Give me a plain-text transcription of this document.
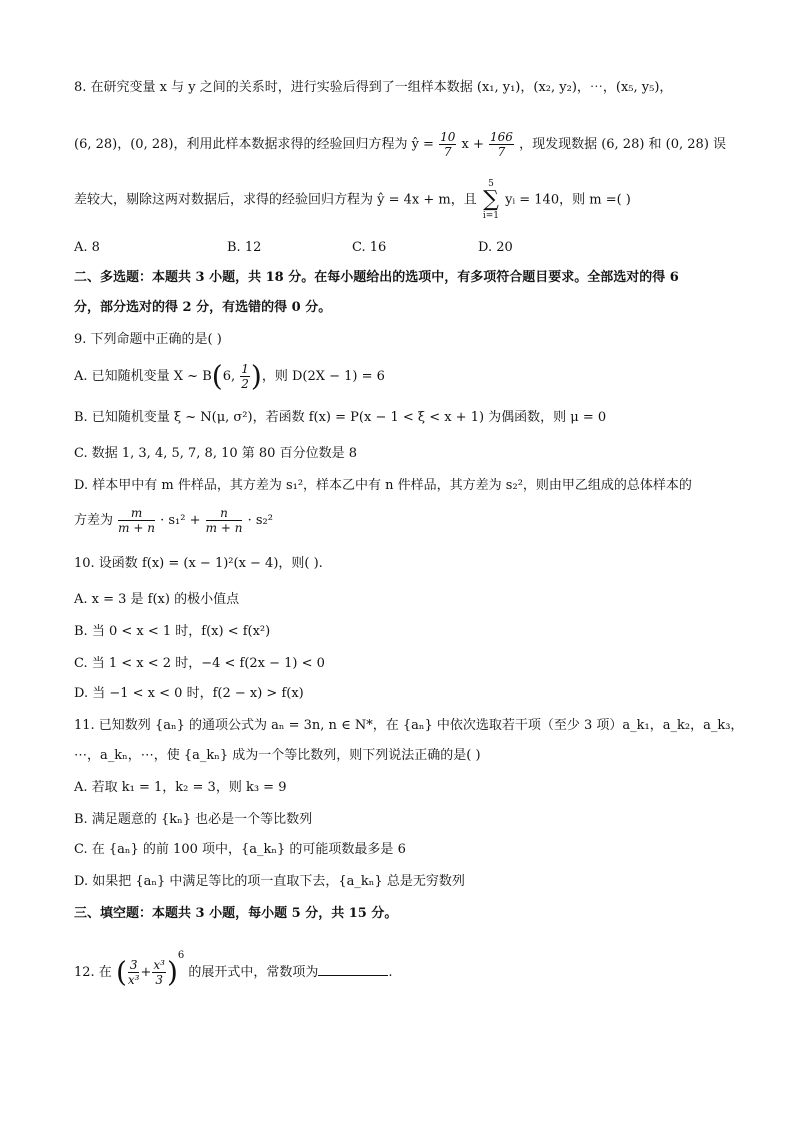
8. 在研究变量 x 与 y 之间的关系时，进行实验后得到了一组样本数据 (x₁, y₁)，(x₂, y₂)，⋯，(x₅, y₅)，
(6, 28)，(0, 28)，利用此样本数据求得的经验回归方程为 ŷ = $\frac{10}{7}$ $x + \frac{166}{7}$ ，现发现数据 (6, 28) 和 (0, 28) 误
差较大，剔除这两对数据后，求得的经验回归方程为 ŷ = 4x + m，且 5
∑
i=1 yᵢ = 140，则 m =( )
A. 8	B. 12	C. 16	D. 20
二、多选题：本题共 3 小题，共 18 分。在每小题给出的选项中，有多项符合题目要求。全部选对的得 6
分，部分选对的得 2 分，有选错的得 0 分。
9. 下列命题中正确的是( )
A. 已知随机变量 X ~ B(6, $\frac{1}{2}$ )，则 D(2X − 1) = 6
B. 已知随机变量 ξ ~ N(μ, σ²)，若函数 f(x) = P(x − 1 < ξ < x + 1) 为偶函数，则 μ = 0
C. 数据 1, 3, 4, 5, 7, 8, 10 第 80 百分位数是 8
D. 样本甲中有 m 件样品，其方差为 s₁²，样本乙中有 n 件样品，其方差为 s₂²，则由甲乙组成的总体样本的
方差为 $\frac{m}{m + n} \cdot s_1^2 + \frac{n}{m + n} \cdot s_2^2$
10. 设函数 f(x) = (x − 1)²(x − 4)，则( ).
A. x = 3 是 f(x) 的极小值点
B. 当 0 < x < 1 时，f(x) < f(x²)
C. 当 1 < x < 2 时，−4 < f(2x − 1) < 0
D. 当 −1 < x < 0 时，f(2 − x) > f(x)
11. 已知数列 {aₙ} 的通项公式为 aₙ = 3n, n ∈ N*，在 {aₙ} 中依次选取若干项（至少 3 项）a_k₁，a_k₂，a_k₃，
⋯，a_kₙ，⋯，使 {a_kₙ} 成为一个等比数列，则下列说法正确的是( )
A. 若取 k₁ = 1，k₂ = 3，则 k₃ = 9
B. 满足题意的 {kₙ} 也必是一个等比数列
C. 在 {aₙ} 的前 100 项中，{a_kₙ} 的可能项数最多是 6
D. 如果把 {aₙ} 中满足等比的项一直取下去，{a_kₙ} 总是无穷数列
三、填空题：本题共 3 小题，每小题 5 分，共 15 分。
12. 在 ( $\frac{3}{\text{x³}} + \frac{\text{x³}}{3} )^6$ 的展开式中，常数项为	.
